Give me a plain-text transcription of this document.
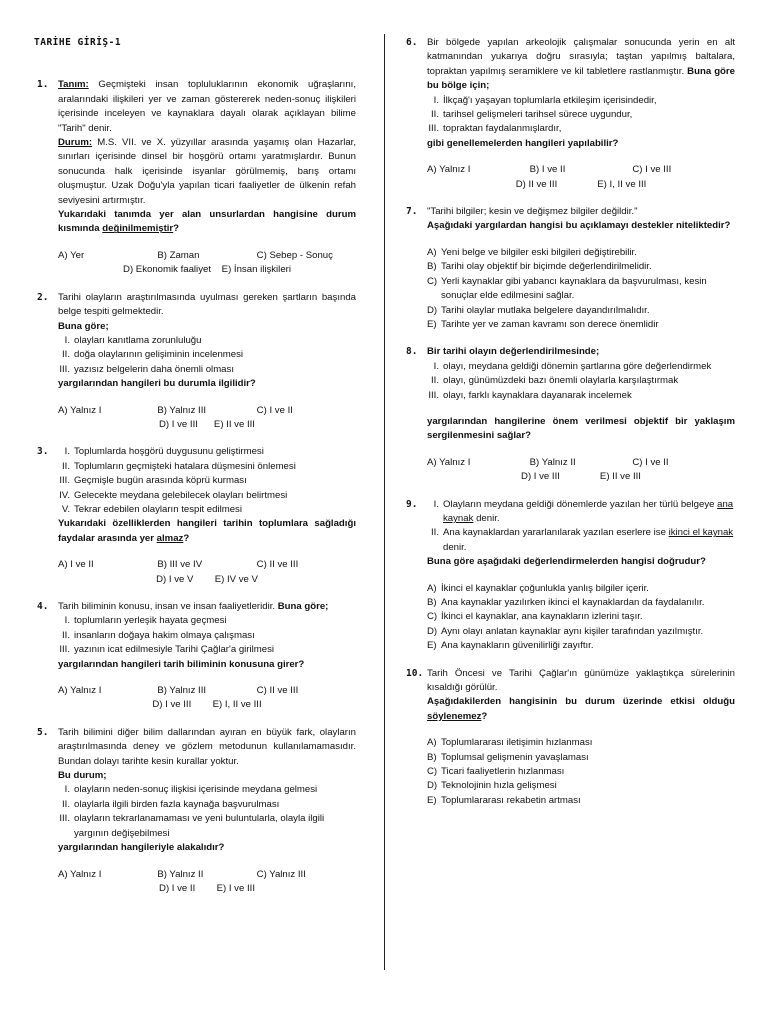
TARİHE GİRİŞ-1
1. Tanım: Geçmişteki insan topluluklarının ekonomik uğraşlarını, aralarındaki ilişkileri yer ve zaman göstererek neden-sonuç ilişkileri içerisinde inceleyen ve kaynaklara dayalı olarak açıklayan bilime "Tarih" denir.

Durum: M.S. VII. ve X. yüzyıllar arasında yaşamış olan Hazarlar, sınırları içerisinde dinsel bir hoşgörü ortamı yaratmışlardır. Bunun sonucunda halk içerisinde isyanlar görülmemiş, barış ortamı oluşmuştur. Uzak Doğu'yla yapılan ticari faaliyetler de ülkenin refah seviyesini artırmıştır.

Yukarıdaki tanımda yer alan unsurlardan hangisine durum kısmında değinilmemiştir?

A) Yer	B) Zaman	C) Sebep - Sonuç
D) Ekonomik faaliyet E) İnsan ilişkileri
2. Tarihi olayların araştırılmasında uyulması gereken şartların başında belge tespiti gelmektedir.

Buna göre;

I. olayları kanıtlama zorunluluğu
II. doğa olaylarının gelişiminin incelenmesi
III. yazısız belgelerin daha önemli olması

yargılarından hangileri bu durumla ilgilidir?

A) Yalnız I	B) Yalnız III	C) I ve II
D) I ve III E) II ve III
3.	I. Toplumlarda hoşgörü duygusunu geliştirmesi
II. Toplumların geçmişteki hatalara düşmesini önlemesi
III. Geçmişle bugün arasında köprü kurması
IV. Gelecekte meydana gelebilecek olayları belirtmesi
V. Tekrar edebilen olayların tespit edilmesi

Yukarıdaki özelliklerden hangileri tarihin toplumlara sağladığı faydalar arasında yer almaz?

A) I ve II	B) III ve IV	C) II ve III
D) I ve V E) IV ve V
4. Tarih biliminin konusu, insan ve insan faaliyetleridir. Buna göre;

I. toplumların yerleşik hayata geçmesi
II. insanların doğaya hakim olmaya çalışması
III. yazının icat edilmesiyle Tarihi Çağlar'a girilmesi

yargılarından hangileri tarih biliminin konusuna girer?

A) Yalnız I	B) Yalnız III	C) II ve III
D) I ve III E) I, II ve III
5. Tarih bilimini diğer bilim dallarından ayıran en büyük fark, olayların araştırılmasında deney ve gözlem metodunun kullanılamamasıdır. Bundan dolayı tarihte kesin kurallar yoktur.

Bu durum;

I. olayların neden-sonuç ilişkisi içerisinde meydana gelmesi
II. olaylarla ilgili birden fazla kaynağa başvurulması
III. olayların tekrarlanamaması ve yeni buluntularla, olayla ilgili yargının değişebilmesi

yargılarından hangileriyle alakalıdır?

A) Yalnız I	B) Yalnız II	C) Yalnız III
D) I ve II E) I ve III
6. Bir bölgede yapılan arkeolojik çalışmalar sonucunda yerin en alt katmanından yukarıya doğru sırasıyla; taştan yapılmış baltalara, topraktan yapılmış seramiklere ve kil tabletlere rastlanmıştır. Buna göre bu bölge için;

I. İlkçağ'ı yaşayan toplumlarla etkileşim içerisindedir,
II. tarihsel gelişmeleri tarihsel sürece uygundur,
III. topraktan faydalanmışlardır,

gibi genellemelerden hangileri yapılabilir?

A) Yalnız I	B) I ve II	C) I ve III
D) II ve III	E) I, II ve III
7. "Tarihi bilgiler; kesin ve değişmez bilgiler değildir."

Aşağıdaki yargılardan hangisi bu açıklamayı destekler niteliktedir?

A) Yeni belge ve bilgiler eski bilgileri değiştirebilir.
B) Tarihi olay objektif bir biçimde değerlendirilmelidir.
C) Yerli kaynaklar gibi yabancı kaynaklara da başvurulması, kesin sonuçlar elde edilmesini sağlar.
D) Tarihi olaylar mutlaka belgelere dayandırılmalıdır.
E) Tarihte yer ve zaman kavramı son derece önemlidir
8. Bir tarihi olayın değerlendirilmesinde;

I. olayı, meydana geldiği dönemin şartlarına göre değerlendirmek
II. olayı, günümüzdeki bazı önemli olaylarla karşılaştırmak
III. olayı, farklı kaynaklara dayanarak incelemek

yargılarından hangilerine önem verilmesi objektif bir yaklaşım sergilenmesini sağlar?

A) Yalnız I	B) Yalnız II	C) I ve II
D) I ve III	E) II ve III
9.	I. Olayların meydana geldiği dönemlerde yazılan her türlü belgeye ana kaynak denir.
II. Ana kaynaklardan yararlanılarak yazılan eserlere ise ikinci el kaynak denir.

Buna göre aşağıdaki değerlendirmelerden hangisi doğrudur?

A) İkinci el kaynaklar çoğunlukla yanlış bilgiler içerir.
B) Ana kaynaklar yazılırken ikinci el kaynaklardan da faydalanılır.
C) İkinci el kaynaklar, ana kaynakların izlerini taşır.
D) Aynı olayı anlatan kaynaklar aynı kişiler tarafından yazılmıştır.
E) Ana kaynakların güvenilirliği zayıftır.
10. Tarih Öncesi ve Tarihi Çağlar'ın günümüze yaklaştıkça sürelerinin kısaldığı görülür.

Aşağıdakilerden hangisinin bu durum üzerinde etkisi olduğu söylenemez?

A) Toplumlararası iletişimin hızlanması
B) Toplumsal gelişmenin yavaşlaması
C) Ticari faaliyetlerin hızlanması
D) Teknolojinin hızla gelişmesi
E) Toplumlararası rekabetin artması
